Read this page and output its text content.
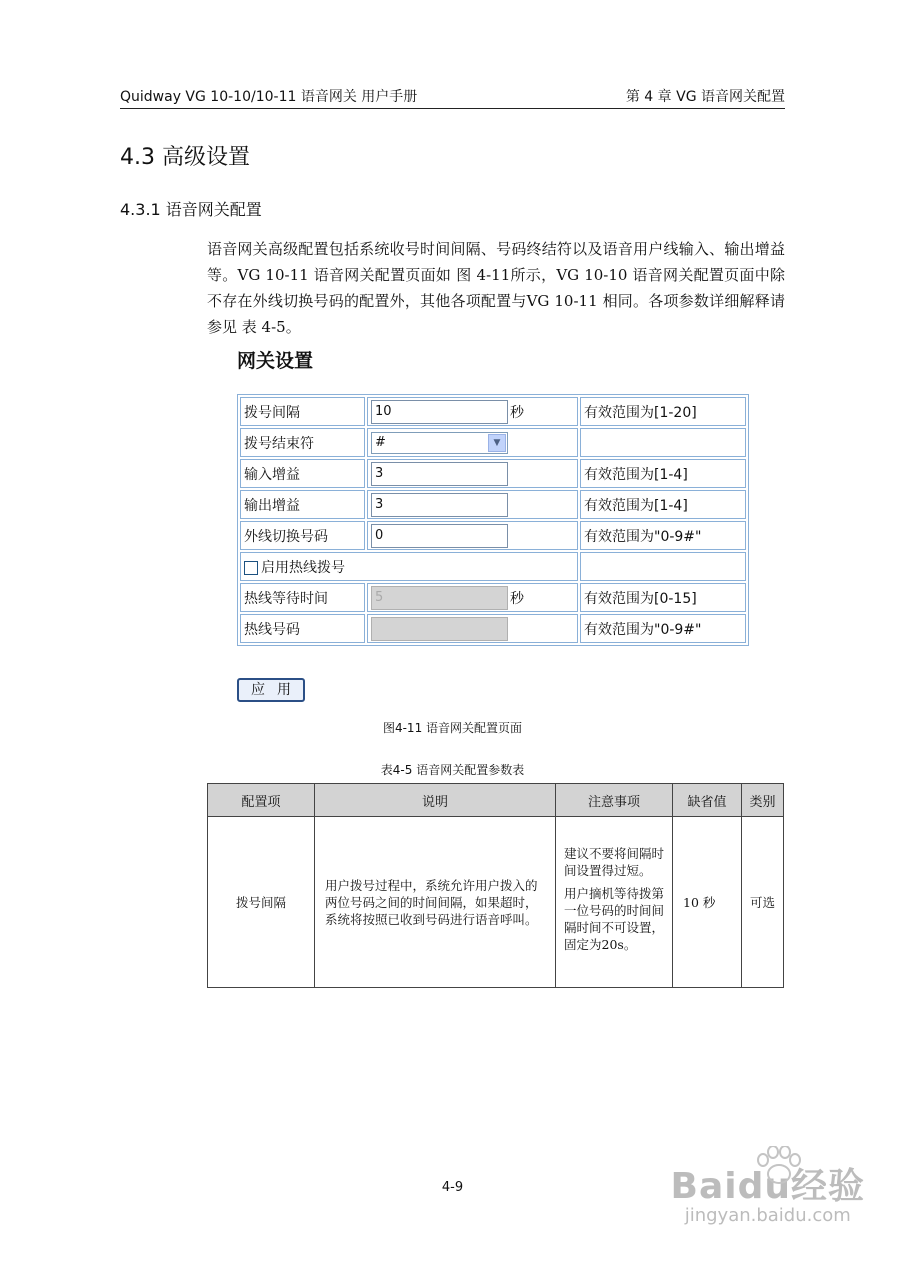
Quidway VG 10-10/10-11 语音网关 用户手册	第 4 章 VG 语音网关配置
4.3 高级设置
4.3.1 语音网关配置
语音网关高级配置包括系统收号时间间隔、号码终结符以及语音用户线输入、输出增益等。VG 10-11 语音网关配置页面如 图 4-11所示，VG 10-10 语音网关配置页面中除不存在外线切换号码的配置外，其他各项配置与VG 10-11 相同。各项参数详细解释请参见 表 4-5。
网关设置
拨号间隔	10 秒	有效范围为[1-20]
拨号结束符	# ▼	

输入增益	3	有效范围为[1-4]
输出增益	3	有效范围为[1-4]
外线切换号码	0	有效范围为"0-9#"
启用热线拨号		
热线等待时间	5 秒	有效范围为[0-15]
热线号码		有效范围为"0-9#"
应用
图4-11 语音网关配置页面
表4-5 语音网关配置参数表
配置项	说明	注意事项	缺省值	类别
拨号间隔	用户拨号过程中，系统允许用户拨入的两位号码之间的时间间隔，如果超时，系统将按照已收到号码进行语音呼叫。	建议不要将间隔时间设置得过短。

用户摘机等待拨第一位号码的时间间隔时间不可设置，固定为20s。	10 秒	可选
4-9	Baidu经验
jingyan.baidu.com
